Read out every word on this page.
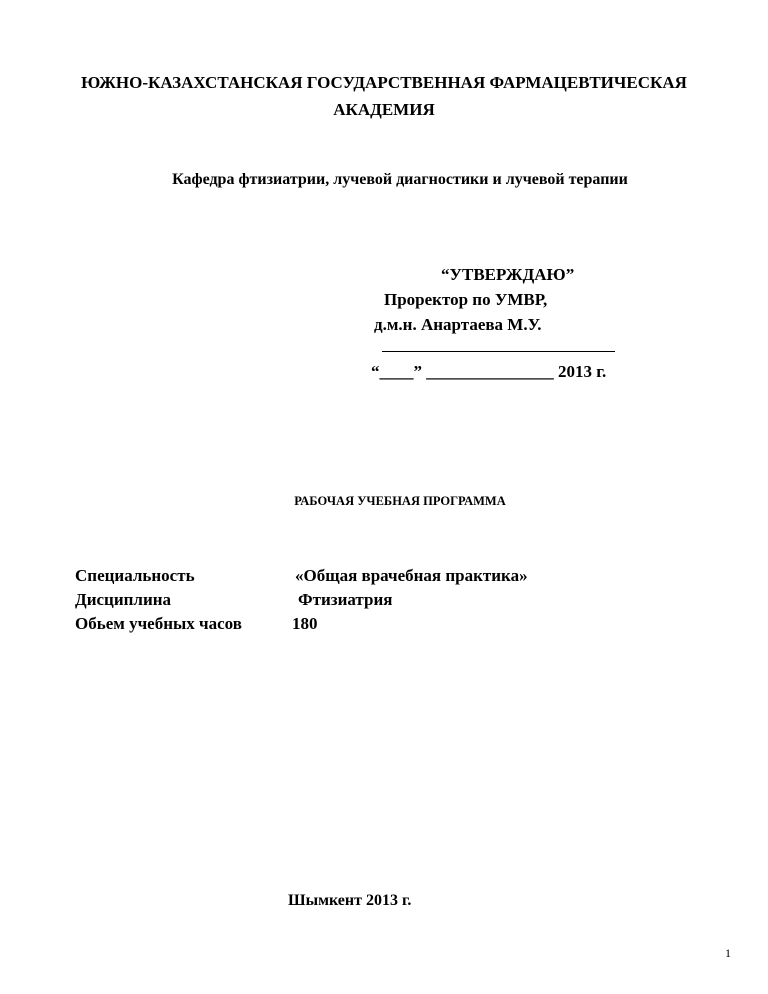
ЮЖНО-КАЗАХСТАНСКАЯ ГОСУДАРСТВЕННАЯ ФАРМАЦЕВТИЧЕСКАЯ
АКАДЕМИЯ
Кафедра фтизиатрии, лучевой диагностики и лучевой терапии
“УТВЕРЖДАЮ”
Проректор по УМВР,
д.м.н. Анартаева М.У.
“____” _______________ 2013 г.
РАБОЧАЯ УЧЕБНАЯ ПРОГРАММА
Специальность	«Общая врачебная практика»
Дисциплина	Фтизиатрия
Обьем учебных часов	180
Шымкент 2013 г.
1
